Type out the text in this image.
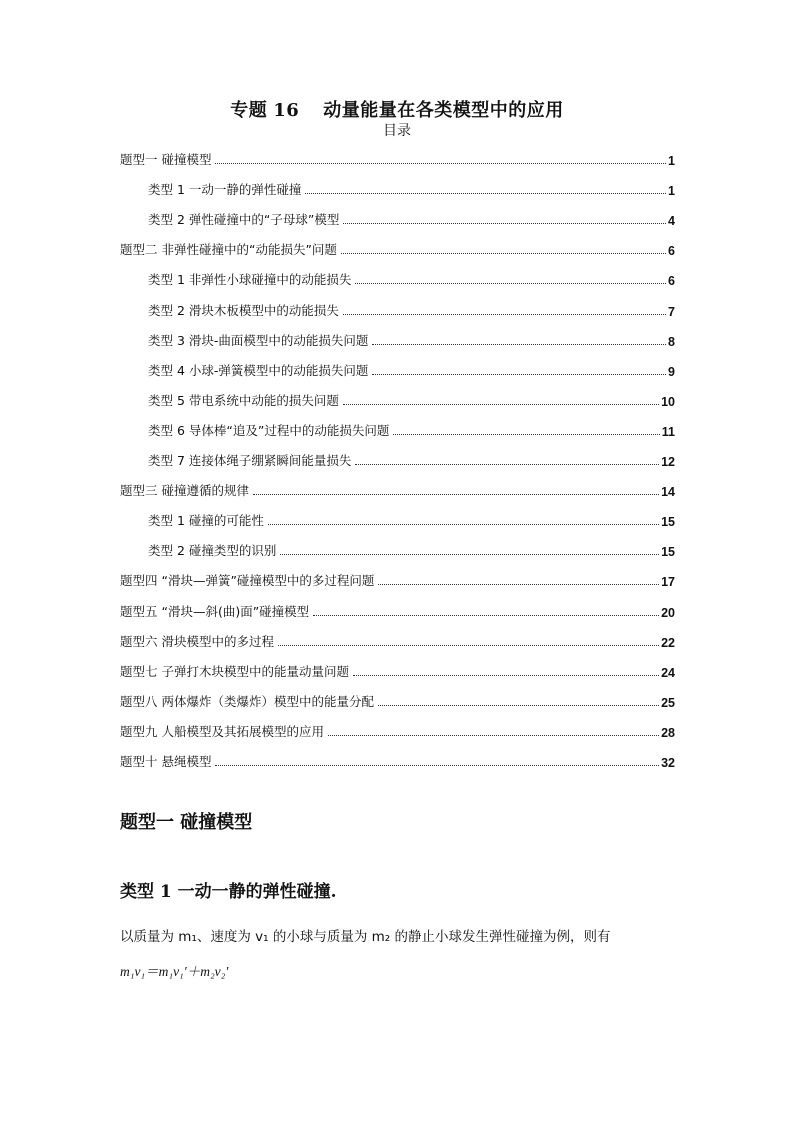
专题 16 动量能量在各类模型中的应用
目录
题型一 碰撞模型	1
类型 1 一动一静的弹性碰撞	1
类型 2 弹性碰撞中的“子母球”模型	4
题型二 非弹性碰撞中的“动能损失”问题	6
类型 1 非弹性小球碰撞中的动能损失	6
类型 2 滑块木板模型中的动能损失	7
类型 3 滑块-曲面模型中的动能损失问题	8
类型 4 小球-弹簧模型中的动能损失问题	9
类型 5 带电系统中动能的损失问题	10
类型 6 导体棒“追及”过程中的动能损失问题	11
类型 7 连接体绳子绷紧瞬间能量损失	12
题型三 碰撞遵循的规律	14
类型 1 碰撞的可能性	15
类型 2 碰撞类型的识别	15
题型四 “滑块—弹簧”碰撞模型中的多过程问题	17
题型五 “滑块—斜(曲)面”碰撞模型	20
题型六 滑块模型中的多过程	22
题型七 子弹打木块模型中的能量动量问题	24
题型八 两体爆炸（类爆炸）模型中的能量分配	25
题型九 人船模型及其拓展模型的应用	28
题型十 悬绳模型	32
题型一 碰撞模型
类型 1 一动一静的弹性碰撞.
以质量为 m₁、速度为 v₁ 的小球与质量为 m₂ 的静止小球发生弹性碰撞为例，则有
m₁v₁＝m₁v₁′＋m₂v₂′
